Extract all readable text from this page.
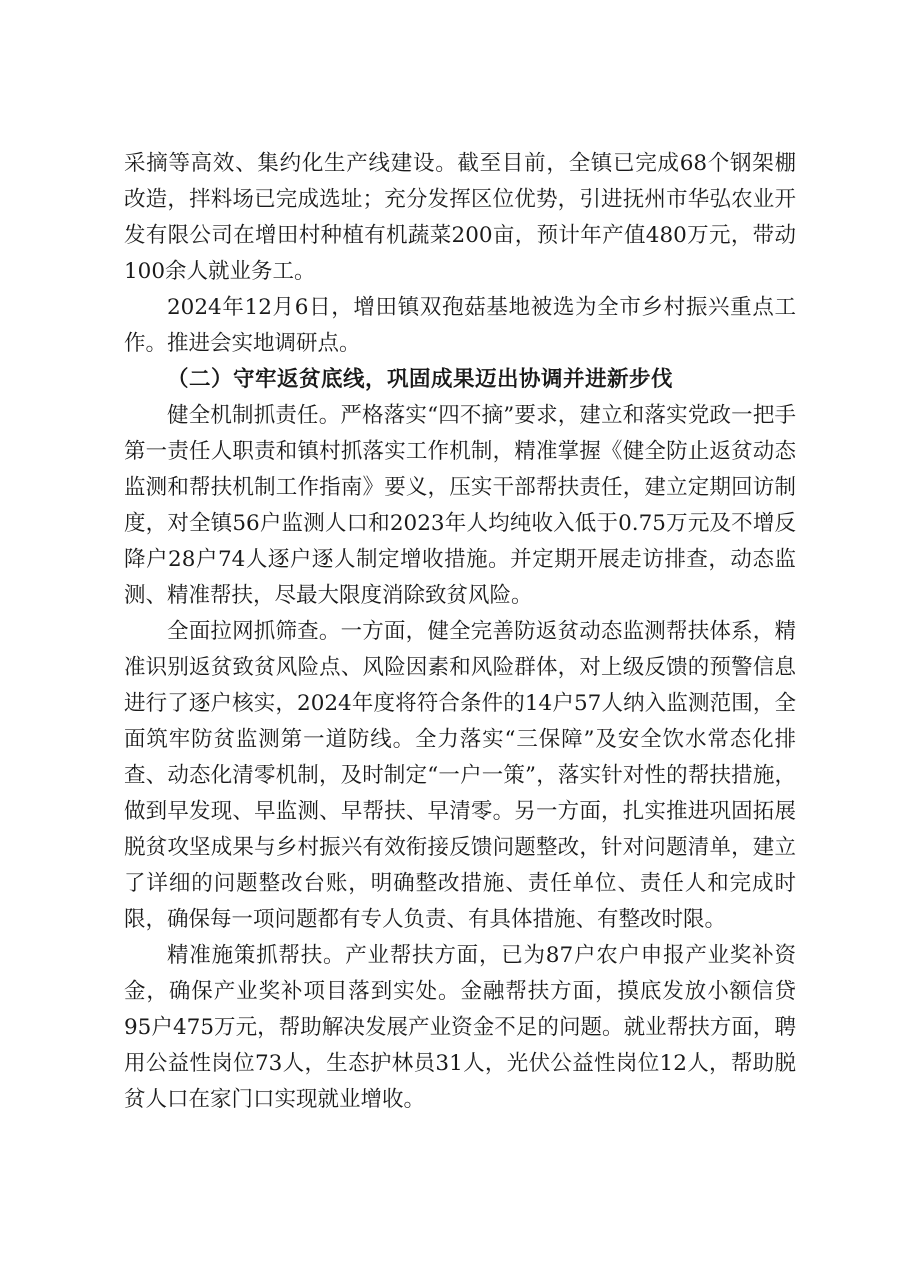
采摘等高效、集约化生产线建设。截至目前，全镇已完成68个钢架棚改造，拌料场已完成选址；充分发挥区位优势，引进抚州市华弘农业开发有限公司在增田村种植有机蔬菜200亩，预计年产值480万元，带动100余人就业务工。

2024年12月6日，增田镇双孢菇基地被选为全市乡村振兴重点工作。推进会实地调研点。

（二）守牢返贫底线，巩固成果迈出协调并进新步伐

健全机制抓责任。严格落实“四不摘”要求，建立和落实党政一把手第一责任人职责和镇村抓落实工作机制，精准掌握《健全防止返贫动态监测和帮扶机制工作指南》要义，压实干部帮扶责任，建立定期回访制度，对全镇56户监测人口和2023年人均纯收入低于0.75万元及不增反降户28户74人逐户逐人制定增收措施。并定期开展走访排查，动态监测、精准帮扶，尽最大限度消除致贫风险。

全面拉网抓筛查。一方面，健全完善防返贫动态监测帮扶体系，精准识别返贫致贫风险点、风险因素和风险群体，对上级反馈的预警信息进行了逐户核实，2024年度将符合条件的14户57人纳入监测范围，全面筑牢防贫监测第一道防线。全力落实“三保障”及安全饮水常态化排查、动态化清零机制，及时制定“一户一策”，落实针对性的帮扶措施，做到早发现、早监测、早帮扶、早清零。另一方面，扎实推进巩固拓展脱贫攻坚成果与乡村振兴有效衔接反馈问题整改，针对问题清单，建立了详细的问题整改台账，明确整改措施、责任单位、责任人和完成时限，确保每一项问题都有专人负责、有具体措施、有整改时限。

精准施策抓帮扶。产业帮扶方面，已为87户农户申报产业奖补资金，确保产业奖补项目落到实处。金融帮扶方面，摸底发放小额信贷95户475万元，帮助解决发展产业资金不足的问题。就业帮扶方面，聘用公益性岗位73人，生态护林员31人，光伏公益性岗位12人，帮助脱贫人口在家门口实现就业增收。
